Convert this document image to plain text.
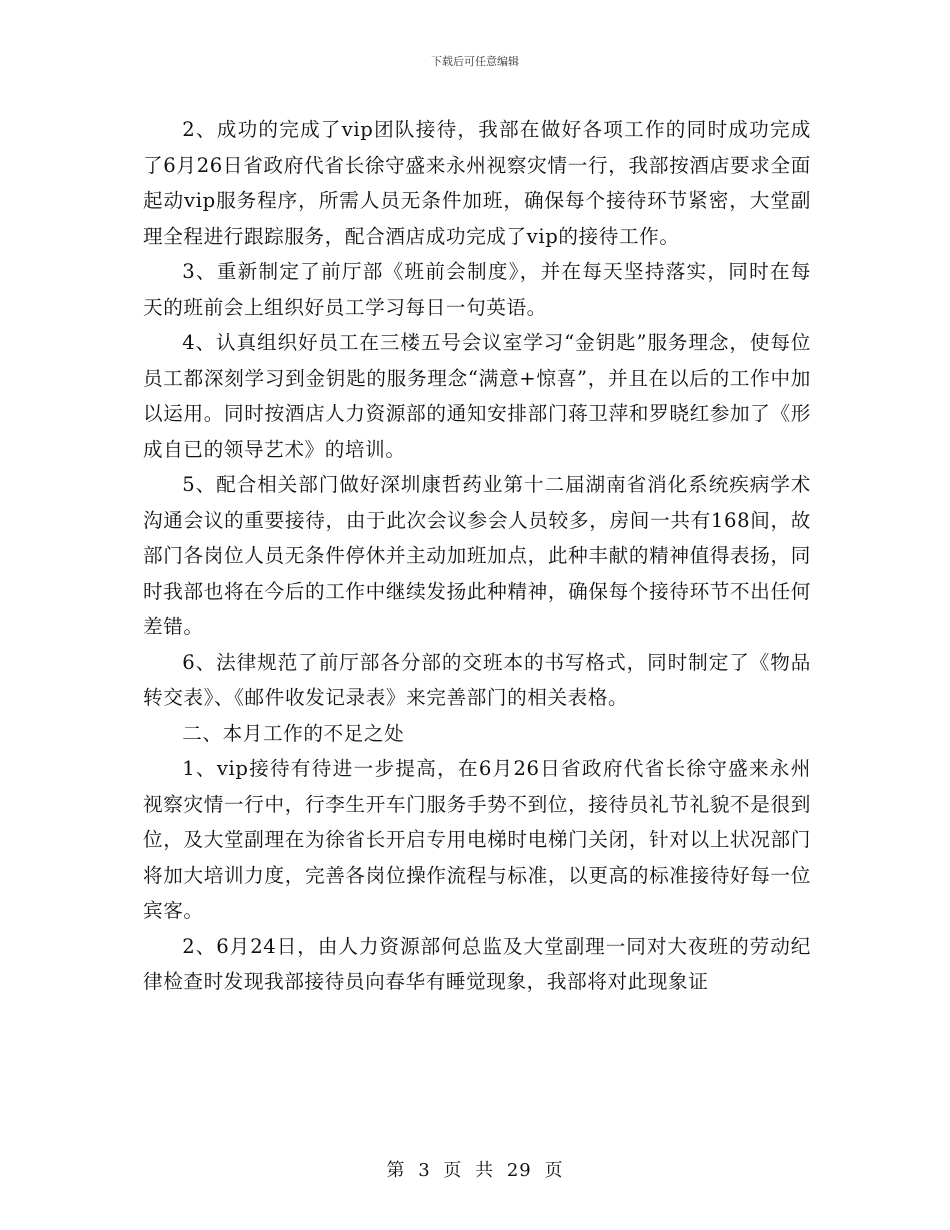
下载后可任意编辑

2、成功的完成了vip团队接待，我部在做好各项工作的同时成功完成了6月26日省政府代省长徐守盛来永州视察灾情一行，我部按酒店要求全面起动vip服务程序，所需人员无条件加班，确保每个接待环节紧密，大堂副理全程进行跟踪服务，配合酒店成功完成了vip的接待工作。

3、重新制定了前厅部《班前会制度》，并在每天坚持落实，同时在每天的班前会上组织好员工学习每日一句英语。

4、认真组织好员工在三楼五号会议室学习“金钥匙”服务理念，使每位员工都深刻学习到金钥匙的服务理念“满意+惊喜”，并且在以后的工作中加以运用。同时按酒店人力资源部的通知安排部门蒋卫萍和罗晓红参加了《形成自已的领导艺术》的培训。

5、配合相关部门做好深圳康哲药业第十二届湖南省消化系统疾病学术沟通会议的重要接待，由于此次会议参会人员较多，房间一共有168间，故部门各岗位人员无条件停休并主动加班加点，此种丰献的精神值得表扬，同时我部也将在今后的工作中继续发扬此种精神，确保每个接待环节不出任何差错。

6、法律规范了前厅部各分部的交班本的书写格式，同时制定了《物品转交表》、《邮件收发记录表》来完善部门的相关表格。

二、本月工作的不足之处

1、vip接待有待进一步提高，在6月26日省政府代省长徐守盛来永州视察灾情一行中，行李生开车门服务手势不到位，接待员礼节礼貌不是很到位，及大堂副理在为徐省长开启专用电梯时电梯门关闭，针对以上状况部门将加大培训力度，完善各岗位操作流程与标准，以更高的标准接待好每一位宾客。

2、6月24日，由人力资源部何总监及大堂副理一同对大夜班的劳动纪律检查时发现我部接待员向春华有睡觉现象，我部将对此现象证

第 3 页 共 29 页
